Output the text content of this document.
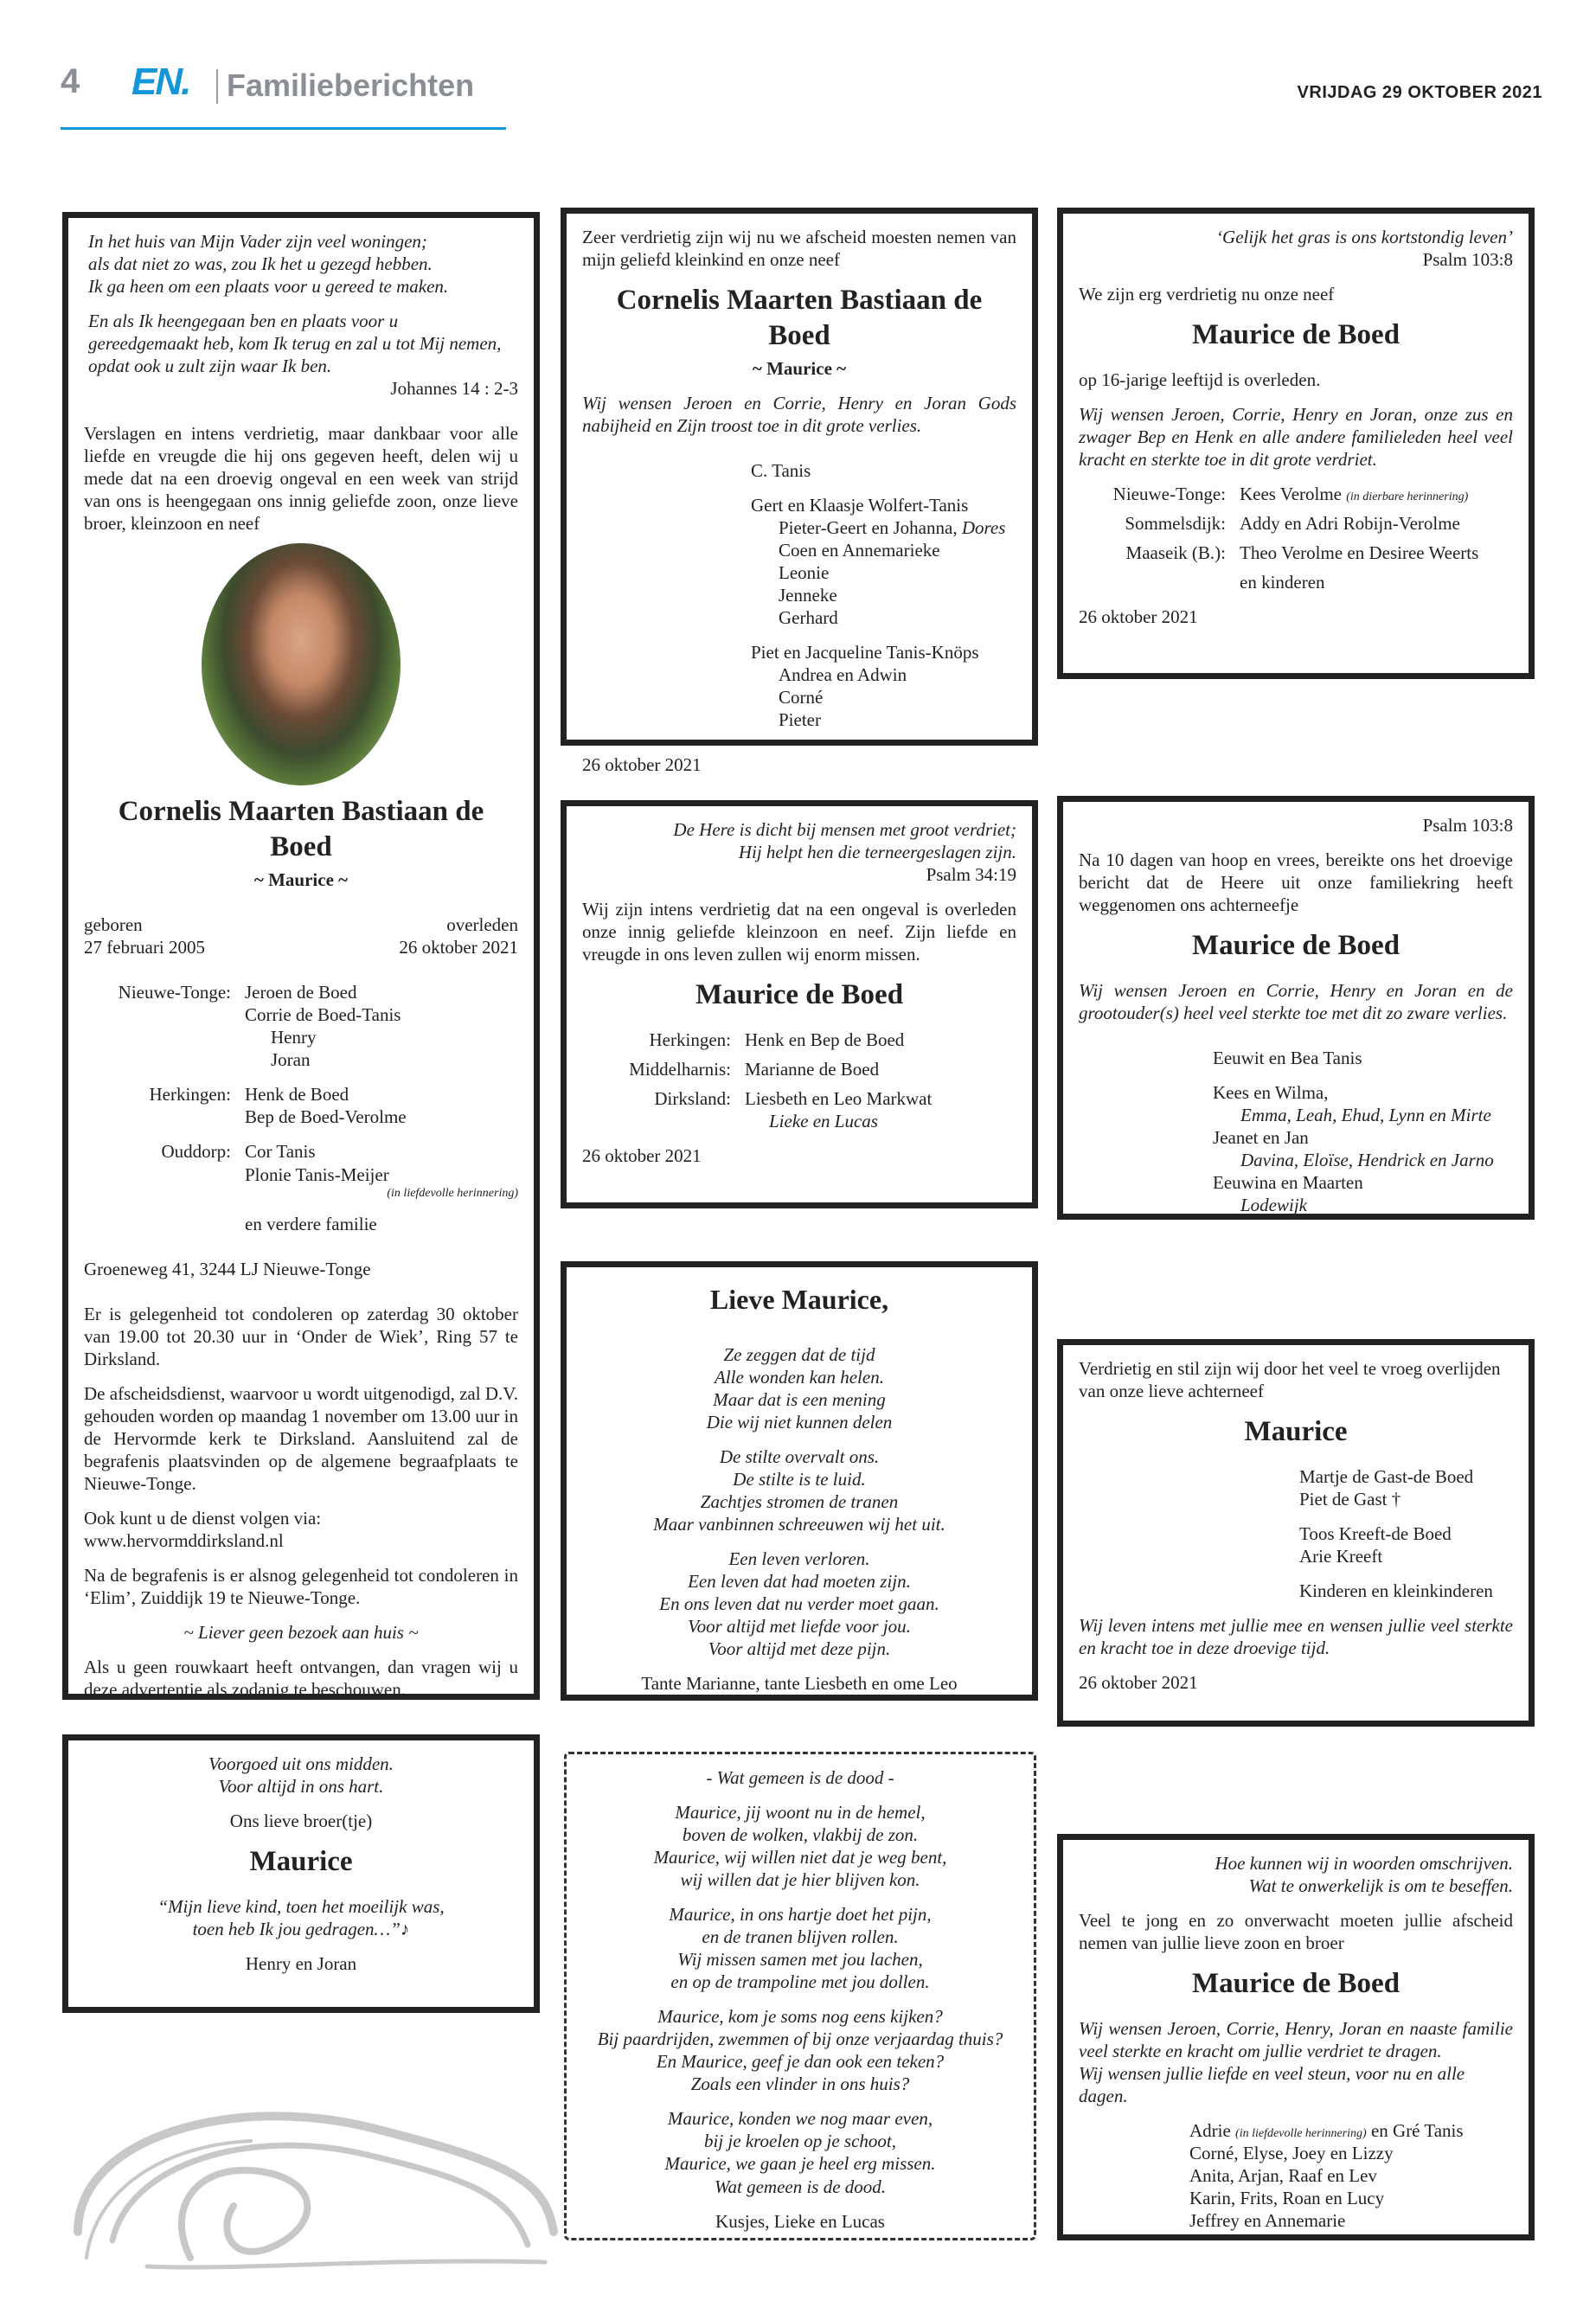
4 EN. Familieberichten	VRIJDAG 29 OKTOBER 2021

In het huis van Mijn Vader zijn veel woningen;

als dat niet zo was, zou Ik het u gezegd hebben.

Ik ga heen om een plaats voor u gereed te maken.

En als Ik heengegaan ben en plaats voor u

gereedgemaakt heb, kom Ik terug en zal u tot Mij nemen,

opdat ook u zult zijn waar Ik ben.

Johannes 14 : 2-3

Verslagen en intens verdrietig, maar dankbaar voor alle liefde en vreugde die hij ons gegeven heeft, delen wij u mede dat na een droevig ongeval en een week van strijd van ons is heengegaan ons innig geliefde zoon, onze lieve broer, kleinzoon en neef

Cornelis Maarten Bastiaan de Boed

~ Maurice ~

geboren

27 februari 2005

overleden

26 oktober 2021

Nieuwe-Tonge: Jeroen de Boed

Corrie de Boed-Tanis

Henry

Joran

Herkingen: Henk de Boed

Bep de Boed-Verolme

Ouddorp: Cor Tanis

Plonie Tanis-Meijer

(in liefdevolle herinnering)

en verdere familie

Groeneweg 41, 3244 LJ Nieuwe-Tonge

Er is gelegenheid tot condoleren op zaterdag 30 oktober van 19.00 tot 20.30 uur in ‘Onder de Wiek’, Ring 57 te Dirksland.

De afscheidsdienst, waarvoor u wordt uitgenodigd, zal D.V. gehouden worden op maandag 1 november om 13.00 uur in de Hervormde kerk te Dirksland. Aansluitend zal de begrafenis plaatsvinden op de algemene begraafplaats te Nieuwe-Tonge.

Ook kunt u de dienst volgen via:

www.hervormddirksland.nl

Na de begrafenis is er alsnog gelegenheid tot condoleren in ‘Elim’, Zuiddijk 19 te Nieuwe-Tonge.

~ Liever geen bezoek aan huis ~

Als u geen rouwkaart heeft ontvangen, dan vragen wij u deze advertentie als zodanig te beschouwen.

Zeer verdrietig zijn wij nu we afscheid moesten nemen van mijn geliefd kleinkind en onze neef

Cornelis Maarten Bastiaan de Boed

~ Maurice ~

Wij wensen Jeroen en Corrie, Henry en Joran Gods nabijheid en Zijn troost toe in dit grote verlies.

C. Tanis

Gert en Klaasje Wolfert-Tanis

Pieter-Geert en Johanna, Dores

Coen en Annemarieke

Leonie

Jenneke

Gerhard

Piet en Jacqueline Tanis-Knöps

Andrea en Adwin

Corné

Pieter

26 oktober 2021

‘Gelijk het gras is ons kortstondig leven’

Psalm 103:8

We zijn erg verdrietig nu onze neef

Maurice de Boed

op 16-jarige leeftijd is overleden.

Wij wensen Jeroen, Corrie, Henry en Joran, onze zus en zwager Bep en Henk en alle andere familieleden heel veel kracht en sterkte toe in dit grote verdriet.

Nieuwe-Tonge: Kees Verolme (in dierbare herinnering)
Sommelsdijk: Addy en Adri Robijn-Verolme
Maaseik (B.): Theo Verolme en Desiree Weerts

en kinderen

26 oktober 2021

De Here is dicht bij mensen met groot verdriet;

Hij helpt hen die terneergeslagen zijn.

Psalm 34:19

Wij zijn intens verdrietig dat na een ongeval is overleden onze innig geliefde kleinzoon en neef. Zijn liefde en vreugde in ons leven zullen wij enorm missen.

Maurice de Boed

Herkingen: Henk en Bep de Boed
Middelharnis: Marianne de Boed
Dirksland: Liesbeth en Leo Markwat

Lieke en Lucas

26 oktober 2021

Psalm 103:8

Na 10 dagen van hoop en vrees, bereikte ons het droevige bericht dat de Heere uit onze familiekring heeft weggenomen ons achterneefje

Maurice de Boed

Wij wensen Jeroen en Corrie, Henry en Joran en de grootouder(s) heel veel sterkte toe met dit zo zware verlies.

Eeuwit en Bea Tanis

Kees en Wilma,

Emma, Leah, Ehud, Lynn en Mirte

Jeanet en Jan

Davina, Eloïse, Hendrick en Jarno

Eeuwina en Maarten

Lodewijk

Lieve Maurice,

Ze zeggen dat de tijd

Alle wonden kan helen.

Maar dat is een mening

Die wij niet kunnen delen

De stilte overvalt ons.

De stilte is te luid.

Zachtjes stromen de tranen

Maar vanbinnen schreeuwen wij het uit.

Een leven verloren.

Een leven dat had moeten zijn.

En ons leven dat nu verder moet gaan.

Voor altijd met liefde voor jou.

Voor altijd met deze pijn.

Tante Marianne, tante Liesbeth en ome Leo

Verdrietig en stil zijn wij door het veel te vroeg overlijden van onze lieve achterneef

Maurice

Martje de Gast-de Boed

Piet de Gast †

Toos Kreeft-de Boed

Arie Kreeft

Kinderen en kleinkinderen

Wij leven intens met jullie mee en wensen jullie veel sterkte en kracht toe in deze droevige tijd.

26 oktober 2021

Voorgoed uit ons midden.

Voor altijd in ons hart.

Ons lieve broer(tje)

Maurice

“Mijn lieve kind, toen het moeilijk was,

toen heb Ik jou gedragen…”♪

Henry en Joran

- Wat gemeen is de dood -

Maurice, jij woont nu in de hemel,

boven de wolken, vlakbij de zon.

Maurice, wij willen niet dat je weg bent,

wij willen dat je hier blijven kon.

Maurice, in ons hartje doet het pijn,

en de tranen blijven rollen.

Wij missen samen met jou lachen,

en op de trampoline met jou dollen.

Maurice, kom je soms nog eens kijken?

Bij paardrijden, zwemmen of bij onze verjaardag thuis?

En Maurice, geef je dan ook een teken?

Zoals een vlinder in ons huis?

Maurice, konden we nog maar even,

bij je kroelen op je schoot,

Maurice, we gaan je heel erg missen.

Wat gemeen is de dood.

Kusjes, Lieke en Lucas

Hoe kunnen wij in woorden omschrijven.

Wat te onwerkelijk is om te beseffen.

Veel te jong en zo onverwacht moeten jullie afscheid nemen van jullie lieve zoon en broer

Maurice de Boed

Wij wensen Jeroen, Corrie, Henry, Joran en naaste familie veel sterkte en kracht om jullie verdriet te dragen.

Wij wensen jullie liefde en veel steun, voor nu en alle dagen.

Adrie (in liefdevolle herinnering) en Gré Tanis

Corné, Elyse, Joey en Lizzy

Anita, Arjan, Raaf en Lev

Karin, Frits, Roan en Lucy

Jeffrey en Annemarie
